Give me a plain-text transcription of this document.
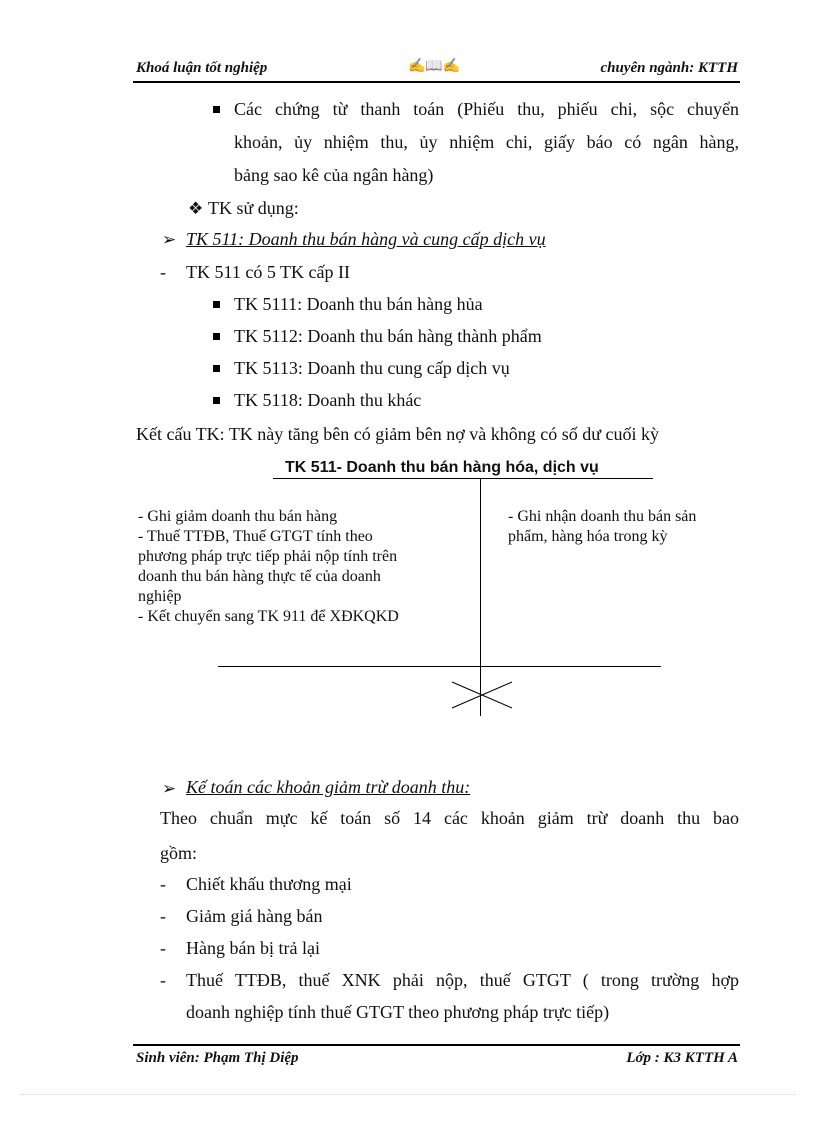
Khoá luận tốt nghiệp	✍📖✍	chuyên ngành: KTTH
Các chứng từ thanh toán (Phiếu thu, phiếu chi, sộc chuyển
khoản, ủy nhiệm thu, ủy nhiệm chi, giấy báo có ngân hàng,
bảng sao kê của ngân hàng)
❖ TK sử dụng:
➢ TK 511: Doanh thu bán hàng và cung cấp dịch vụ
- TK 511 có 5 TK cấp II
TK 5111: Doanh thu bán hàng hủa
TK 5112: Doanh thu bán hàng thành phẩm
TK 5113: Doanh thu cung cấp dịch vụ
TK 5118: Doanh thu khác
Kết cấu TK: TK này tăng bên có giảm bên nợ và không có số dư cuối kỳ
TK 511- Doanh thu bán hàng hóa, dịch vụ
- Ghi giảm doanh thu bán hàng
- Thuế TTĐB, Thuế GTGT tính theo
phương pháp trực tiếp phải nộp tính trên
doanh thu bán hàng thực tế của doanh
nghiệp
- Kết chuyển sang TK 911 để XĐKQKD
- Ghi nhận doanh thu bán sản
phẩm, hàng hóa trong kỳ
➢ Kế toán các khoản giảm trừ doanh thu:
Theo chuẩn mực kế toán số 14 các khoản giảm trừ doanh thu bao
gồm:
- Chiết khấu thương mại
- Giảm giá hàng bán
- Hàng bán bị trả lại
- Thuế TTĐB, thuế XNK phải nộp, thuế GTGT ( trong trường hợp
doanh nghiệp tính thuế GTGT theo phương pháp trực tiếp)
Sinh viên: Phạm Thị Diệp	Lớp : K3 KTTH A
